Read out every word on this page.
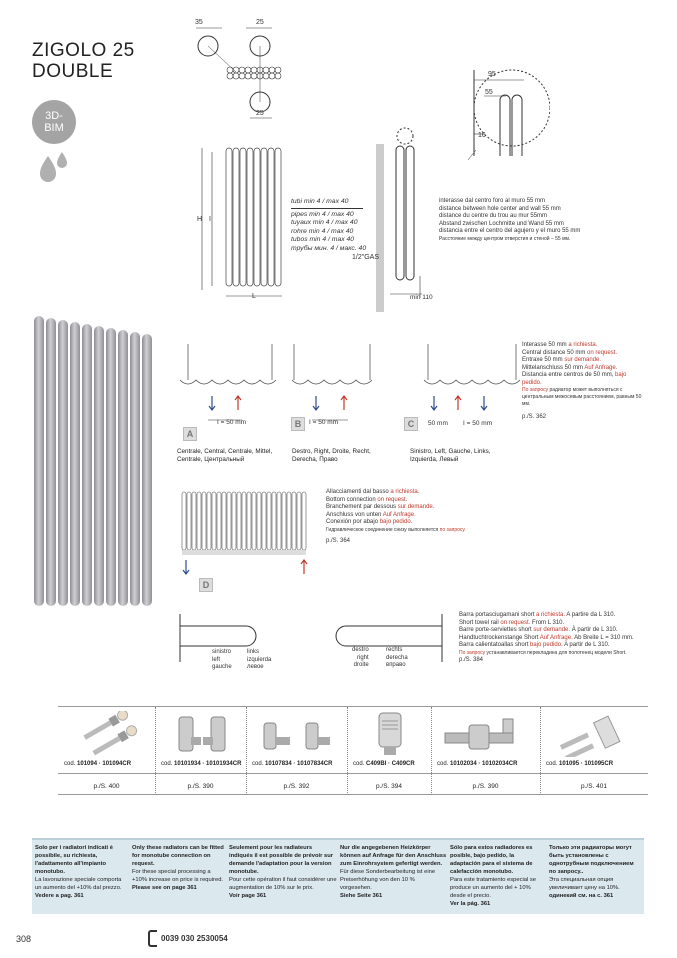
ZIGOLO 25
DOUBLE
3D-
BIM
35	25
25
95
55
16
1/2"GAS
min 110
H I
L
tubi min 4 / max 40
pipes min 4 / max 40
tuyaux min 4 / max 40
rohre min 4 / max 40
tubos min 4 / max 40
трубы мин. 4 / макс. 40
interasse dal centro foro al muro 55 mm
distance between hole center and wall 55 mm
distance du centre du trou au mur 55mm
Abstand zwischen Lochmitte und Wand 55 mm
distancia entre el centro del agujero y el muro 55 mm
Расстояние между центром отверстия и стеной – 55 мм.
I = 50 mm	I = 50 mm	50 mm I = 50 mm
A
B	C
Centrale, Central, Centrale, Mittel, Centrale, Центральный
Destro, Right, Droite, Recht, Derecha, Право
Sinistro, Left, Gauche, Links, Izquierda, Левый
Interasse 50 mm a richiesta.
Central distance 50 mm on request.
Entraxe 50 mm sur demande.
Mittelanschluss 50 mm Auf Anfrage.
Distancia entre centros de 50 mm, bajo
pedido.
По запросу радиатор может выполняться с центральным межосевым расстоянием, равным 50 мм.
p./S. 362
D
Allacciamenti dal basso a richiesta.
Bottom connection on request.
Branchement par dessous sur demande.
Anschluss von unten Auf Anfrage.
Conexión por abajo bajo pedido.
Гидравлическое соединение снизу выполняется по запросу.
p./S. 364
sinistro
left
gauche
links
izquierda
левое
destro
right
droite
rechts
derecha
вправо
Barra portasciugamani short a richiesta. A partire da L 310.
Short towel rail on request. From L 310.
Barre porte-serviettes short sur demande. À partir de L 310.
Handtuchtrockenstange Short Auf Anfrage. Ab Breite L = 310 mm.
Barra calientatoallas short bajo pedido. A partir de L 310.
По запросу устанавливается перекладина для полотенец модели Short.
p./S. 384
cod. 101094 · 101094CR
p./S. 400
cod. 10101934 · 10101934CR
p./S. 390
cod. 10107834 · 10107834CR
p./S. 392
cod. C409BI · C409CR
p./S. 394
cod. 10102034 · 10102034CR
p./S. 390
cod. 101095 · 101095CR
p./S. 401
Solo per i radiatori indicati è possibile, su richiesta, l'adattamento all'impianto monotubo.
La lavorazione speciale comporta un aumento del +10% dal prezzo.
Vedere a pag. 361
Only these radiators can be fitted for monotube connection on request.
For these special processing a +10% increase on price is required.
Please see on page 361
Seulement pour les radiateurs indiqués il est possible de prévoir sur demande l'adaptation pour la version monotube.
Pour cette opération il faut considérer une augmentation de 10% sur le prix.
Voir page 361
Nur die angegebenen Heizkörper können auf Anfrage für den Anschluss zum Einrohrsystem gefertigt werden.
Für diese Sonderbearbeitung ist eine Preiserhöhung von den 10 % vorgesehen.
Siehe Seite 361
Sólo para estos radiadores es posible, bajo pedido, la adaptación para el sistema de calefacción monotubo.
Para este tratamiento especial se produce un aumento del + 10% desde el precio.
Ver la pág. 361
Только эти радиаторы могут быть установлены с однотрубным подключением по запросу..
Эта специальная опция увеличивает цену на 10%.
одинекий см. на с. 361
308	0039 030 2530054
